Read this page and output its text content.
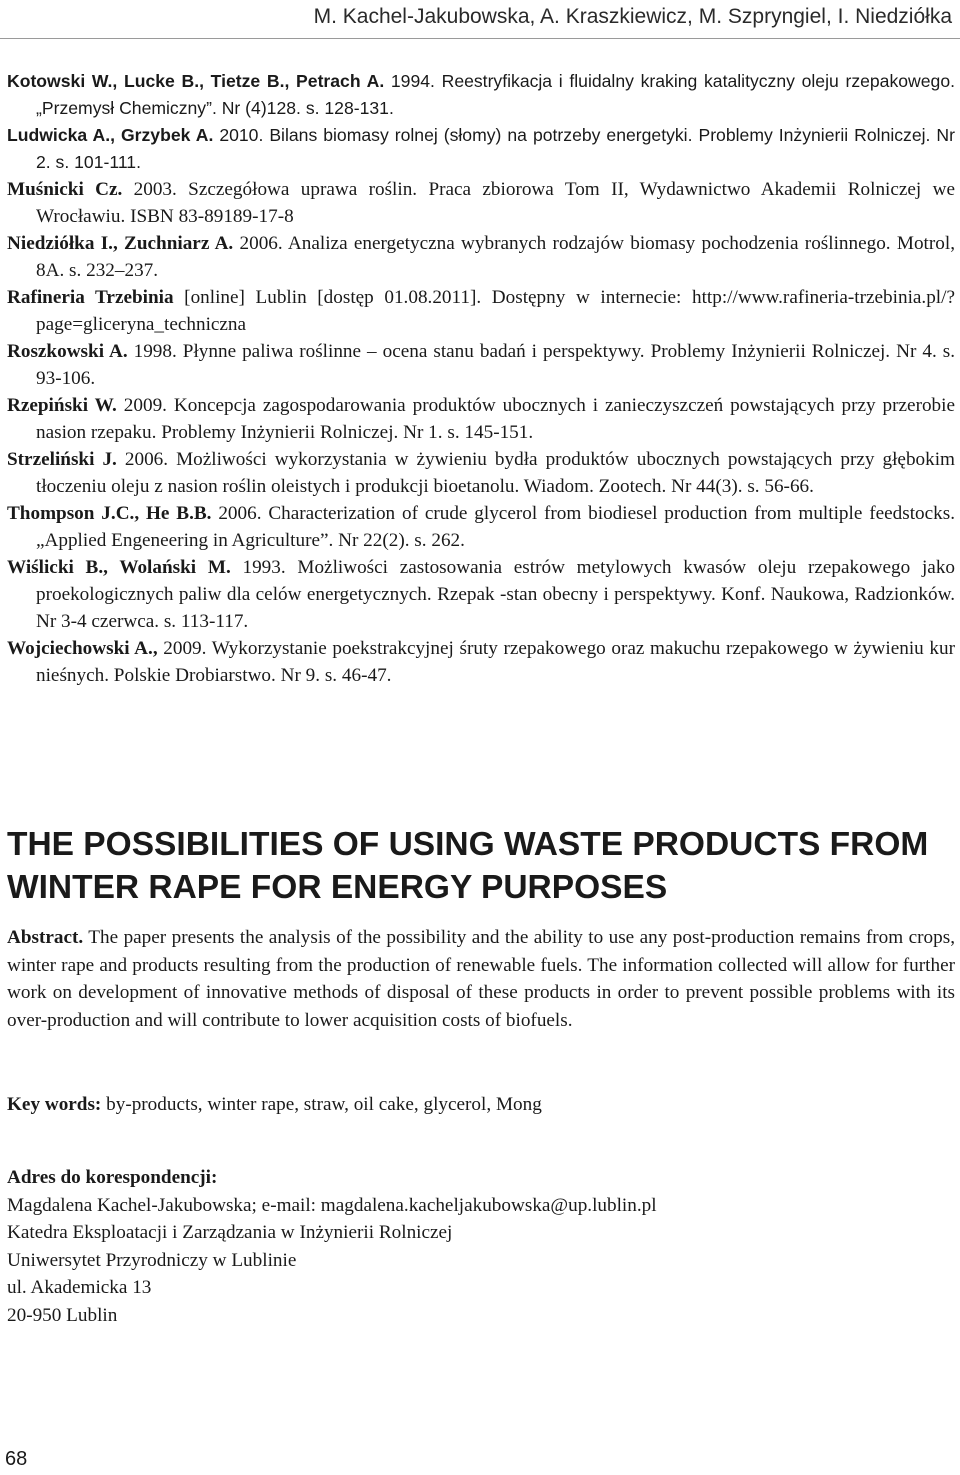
M. Kachel-Jakubowska, A. Kraszkiewicz, M. Szpryngiel, I. Niedziółka
Kotowski W., Lucke B., Tietze B., Petrach A. 1994. Reestryfikacja i fluidalny kraking katalityczny oleju rzepakowego. „Przemysł Chemiczny”. Nr (4)128. s. 128-131.
Ludwicka A., Grzybek A. 2010. Bilans biomasy rolnej (słomy) na potrzeby energetyki. Problemy Inżynierii Rolniczej. Nr 2. s. 101-111.
Muśnicki Cz. 2003. Szczegółowa uprawa roślin. Praca zbiorowa Tom II, Wydawnictwo Akademii Rolniczej we Wrocławiu. ISBN 83-89189-17-8
Niedziółka I., Zuchniarz A. 2006. Analiza energetyczna wybranych rodzajów biomasy pochodzenia roślinnego. Motrol, 8A. s. 232–237.
Rafineria Trzebinia [online] Lublin [dostęp 01.08.2011]. Dostępny w internecie: http://www.rafineria-trzebinia.pl/?page=gliceryna_techniczna
Roszkowski A. 1998. Płynne paliwa roślinne – ocena stanu badań i perspektywy. Problemy Inżynierii Rolniczej. Nr 4. s. 93-106.
Rzepiński W. 2009. Koncepcja zagospodarowania produktów ubocznych i zanieczyszczeń powstających przy przerobie nasion rzepaku. Problemy Inżynierii Rolniczej. Nr 1. s. 145-151.
Strzeliński J. 2006. Możliwości wykorzystania w żywieniu bydła produktów ubocznych powstających przy głębokim tłoczeniu oleju z nasion roślin oleistych i produkcji bioetanolu. Wiadom. Zootech. Nr 44(3). s. 56-66.
Thompson J.C., He B.B. 2006. Characterization of crude glycerol from biodiesel production from multiple feedstocks. „Applied Engeneering in Agriculture”. Nr 22(2). s. 262.
Wiślicki B., Wolański M. 1993. Możliwości zastosowania estrów metylowych kwasów oleju rzepakowego jako proekologicznych paliw dla celów energetycznych. Rzepak -stan obecny i perspektywy. Konf. Naukowa, Radzionków. Nr 3-4 czerwca. s. 113-117.
Wojciechowski A., 2009. Wykorzystanie poekstrakcyjnej śruty rzepakowego oraz makuchu rzepakowego w żywieniu kur nieśnych. Polskie Drobiarstwo. Nr 9. s. 46-47.
THE POSSIBILITIES OF USING WASTE PRODUCTS FROM WINTER RAPE FOR ENERGY PURPOSES

Abstract. The paper presents the analysis of the possibility and the ability to use any post-production remains from crops, winter rape and products resulting from the production of renewable fuels. The information collected will allow for further work on development of innovative methods of disposal of these products in order to prevent possible problems with its over-production and will contribute to lower acquisition costs of biofuels.

Key words: by-products, winter rape, straw, oil cake, glycerol, Mong

Adres do korespondencji:
Magdalena Kachel-Jakubowska; e-mail: magdalena.kacheljakubowska@up.lublin.pl
Katedra Eksploatacji i Zarządzania w Inżynierii Rolniczej
Uniwersytet Przyrodniczy w Lublinie
ul. Akademicka 13
20-950 Lublin
68
